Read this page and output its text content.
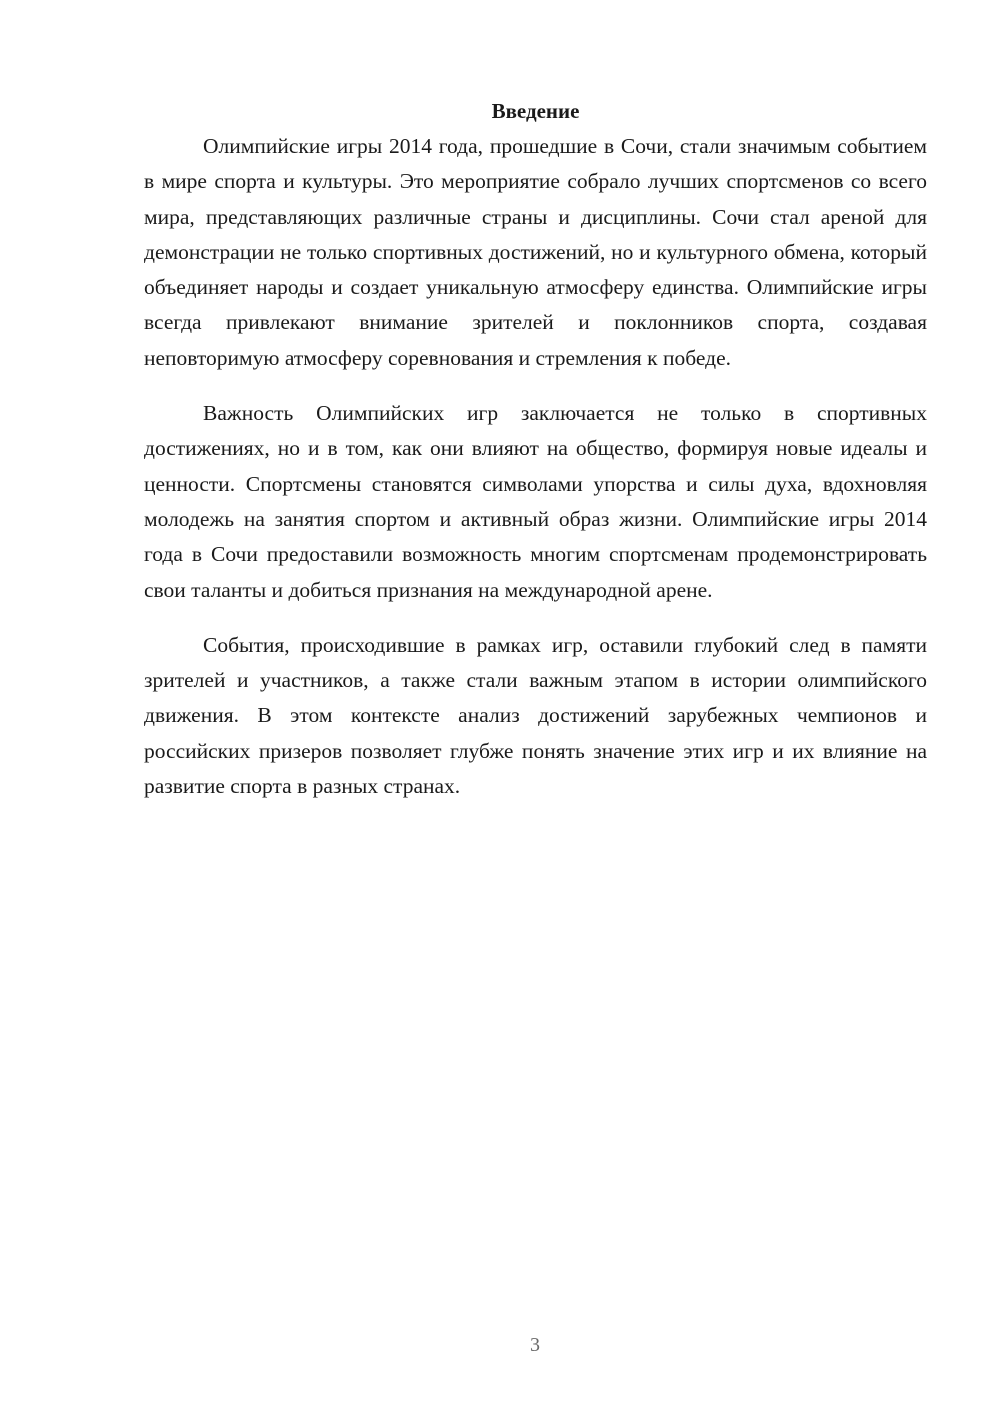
Введение

Олимпийские игры 2014 года, прошедшие в Сочи, стали значимым событием в мире спорта и культуры. Это мероприятие собрало лучших спортсменов со всего мира, представляющих различные страны и дисциплины. Сочи стал ареной для демонстрации не только спортивных достижений, но и культурного обмена, который объединяет народы и создает уникальную атмосферу единства. Олимпийские игры всегда привлекают внимание зрителей и поклонников спорта, создавая неповторимую атмосферу соревнования и стремления к победе.

Важность Олимпийских игр заключается не только в спортивных достижениях, но и в том, как они влияют на общество, формируя новые идеалы и ценности. Спортсмены становятся символами упорства и силы духа, вдохновляя молодежь на занятия спортом и активный образ жизни. Олимпийские игры 2014 года в Сочи предоставили возможность многим спортсменам продемонстрировать свои таланты и добиться признания на международной арене.

События, происходившие в рамках игр, оставили глубокий след в памяти зрителей и участников, а также стали важным этапом в истории олимпийского движения. В этом контексте анализ достижений зарубежных чемпионов и российских призеров позволяет глубже понять значение этих игр и их влияние на развитие спорта в разных странах.

3
